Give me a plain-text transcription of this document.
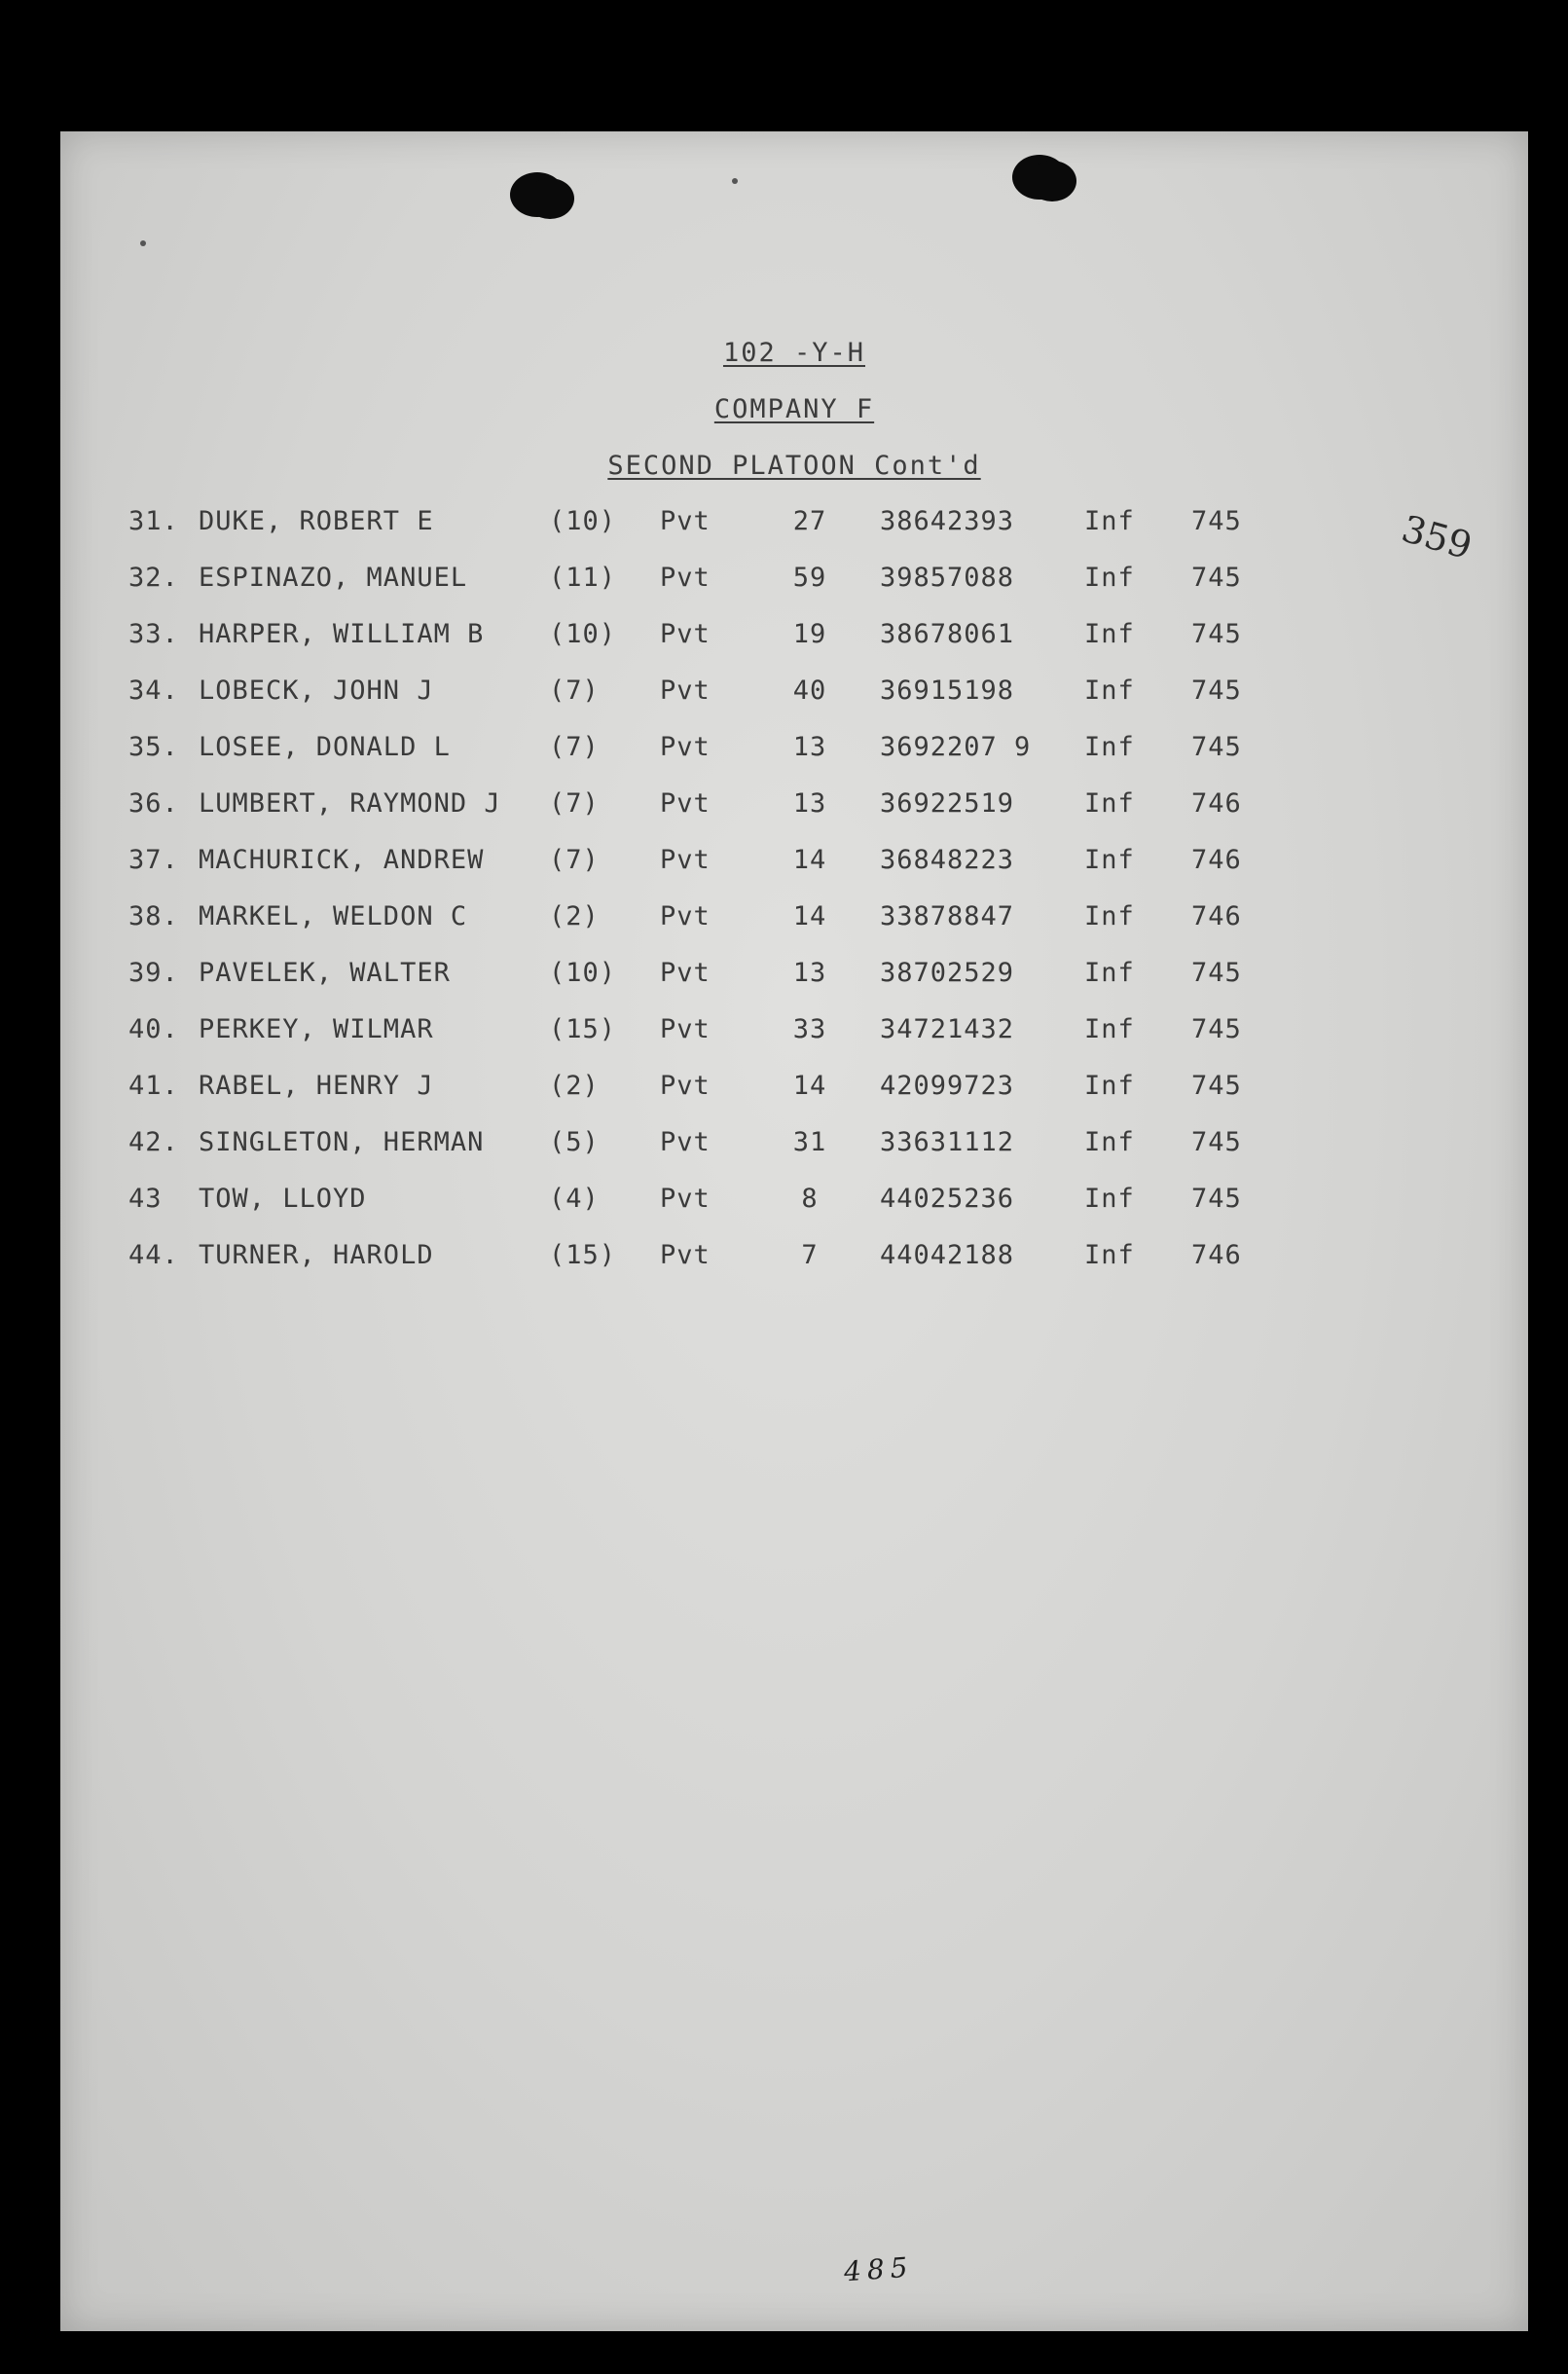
102 -Y-H
COMPANY F
SECOND PLATOON Cont'd
359
31. DUKE, ROBERT E	(10) Pvt	27	38642393	Inf 745
32. ESPINAZO, MANUEL	(11) Pvt	59	39857088	Inf 745
33. HARPER, WILLIAM B (10) Pvt	19	38678061	Inf 745
34. LOBECK, JOHN J	(7) Pvt	40	36915198	Inf 745
35. LOSEE, DONALD L	(7) Pvt	13	3692207 9 Inf 745
36. LUMBERT, RAYMOND J (7) Pvt	13	36922519	Inf 746
37. MACHURICK, ANDREW (7) Pvt	14	36848223	Inf 746
38. MARKEL, WELDON C	(2) Pvt	14	33878847	Inf 746
39. PAVELEK, WALTER	(10) Pvt	13	38702529	Inf 745
40. PERKEY, WILMAR	(15) Pvt	33	34721432	Inf 745
41. RABEL, HENRY J	(2) Pvt	14	42099723	Inf 745
42. SINGLETON, HERMAN (5) Pvt	31	33631112	Inf 745
43 TOW, LLOYD	(4) Pvt	8	44025236	Inf 745
44. TURNER, HAROLD	(15) Pvt	7	44042188	Inf 746
485
